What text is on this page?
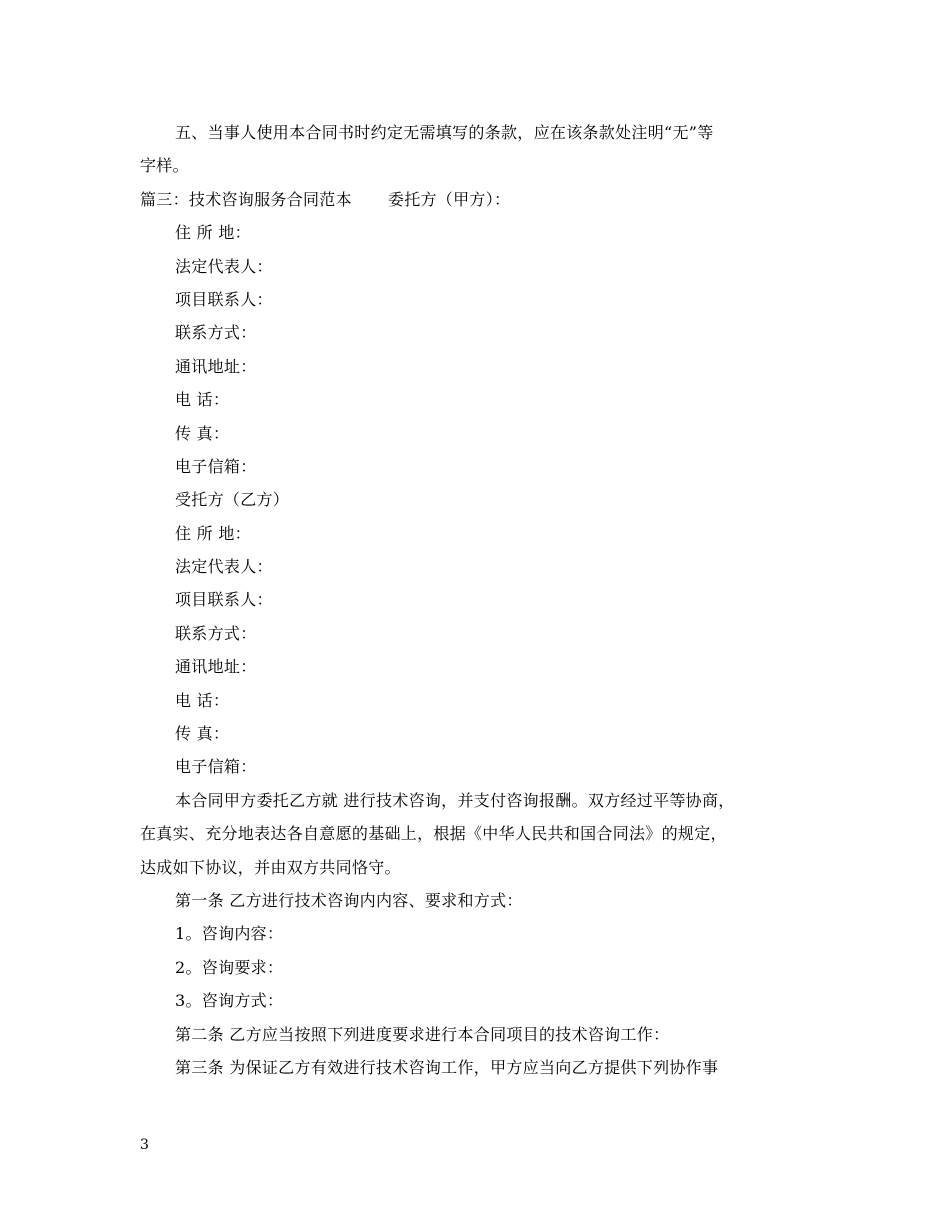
五、当事人使用本合同书时约定无需填写的条款，应在该条款处注明“无”等
字样。
篇三：技术咨询服务合同范本 委托方（甲方）：
住 所 地：
法定代表人：
项目联系人：
联系方式：
通讯地址：
电 话：
传 真：
电子信箱：
受托方（乙方）
住 所 地：
法定代表人：
项目联系人：
联系方式：
通讯地址：
电 话：
传 真：
电子信箱：
本合同甲方委托乙方就 进行技术咨询，并支付咨询报酬。双方经过平等协商，
在真实、充分地表达各自意愿的基础上，根据《中华人民共和国合同法》的规定，
达成如下协议，并由双方共同恪守。
第一条 乙方进行技术咨询内内容、要求和方式：
1。咨询内容：
2。咨询要求：
3。咨询方式：
第二条 乙方应当按照下列进度要求进行本合同项目的技术咨询工作：
第三条 为保证乙方有效进行技术咨询工作，甲方应当向乙方提供下列协作事
3
